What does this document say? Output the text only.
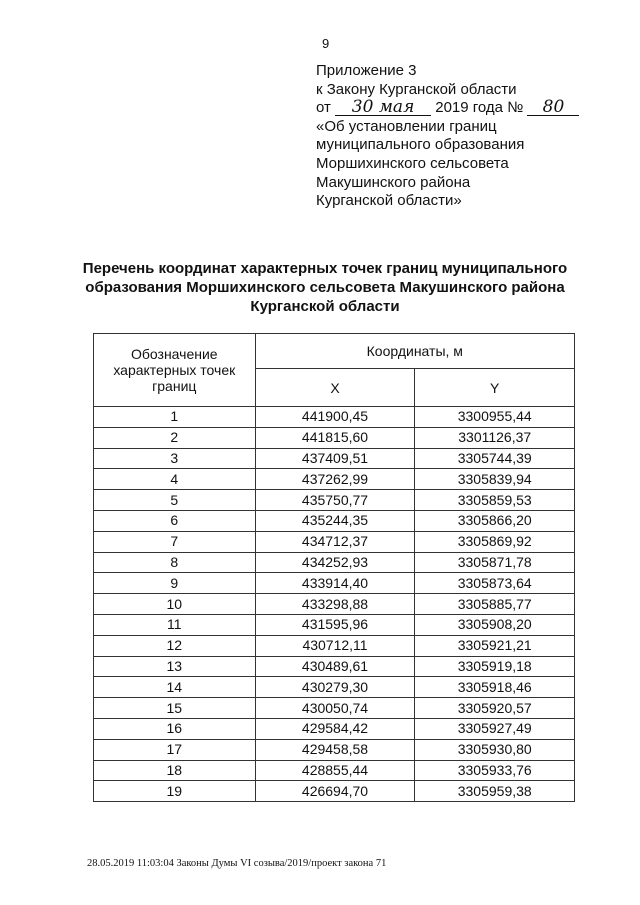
9
Приложение 3
к Закону Курганской области
от 30 мая 2019 года № 80
«Об установлении границ
муниципального образования
Моршихинского сельсовета
Макушинского района
Курганской области»
Перечень координат характерных точек границ муниципального
образования Моршихинского сельсовета Макушинского района
Курганской области
Обозначение характерных точек границ	Координаты, м	
	X	Y
1	441900,45	3300955,44
2	441815,60	3301126,37
3	437409,51	3305744,39
4	437262,99	3305839,94
5	435750,77	3305859,53
6	435244,35	3305866,20
7	434712,37	3305869,92
8	434252,93	3305871,78
9	433914,40	3305873,64
10	433298,88	3305885,77
11	431595,96	3305908,20
12	430712,11	3305921,21
13	430489,61	3305919,18
14	430279,30	3305918,46
15	430050,74	3305920,57
16	429584,42	3305927,49
17	429458,58	3305930,80
18	428855,44	3305933,76
19	426694,70	3305959,38
28.05.2019 11:03:04 Законы Думы VI созыва/2019/проект закона 71
